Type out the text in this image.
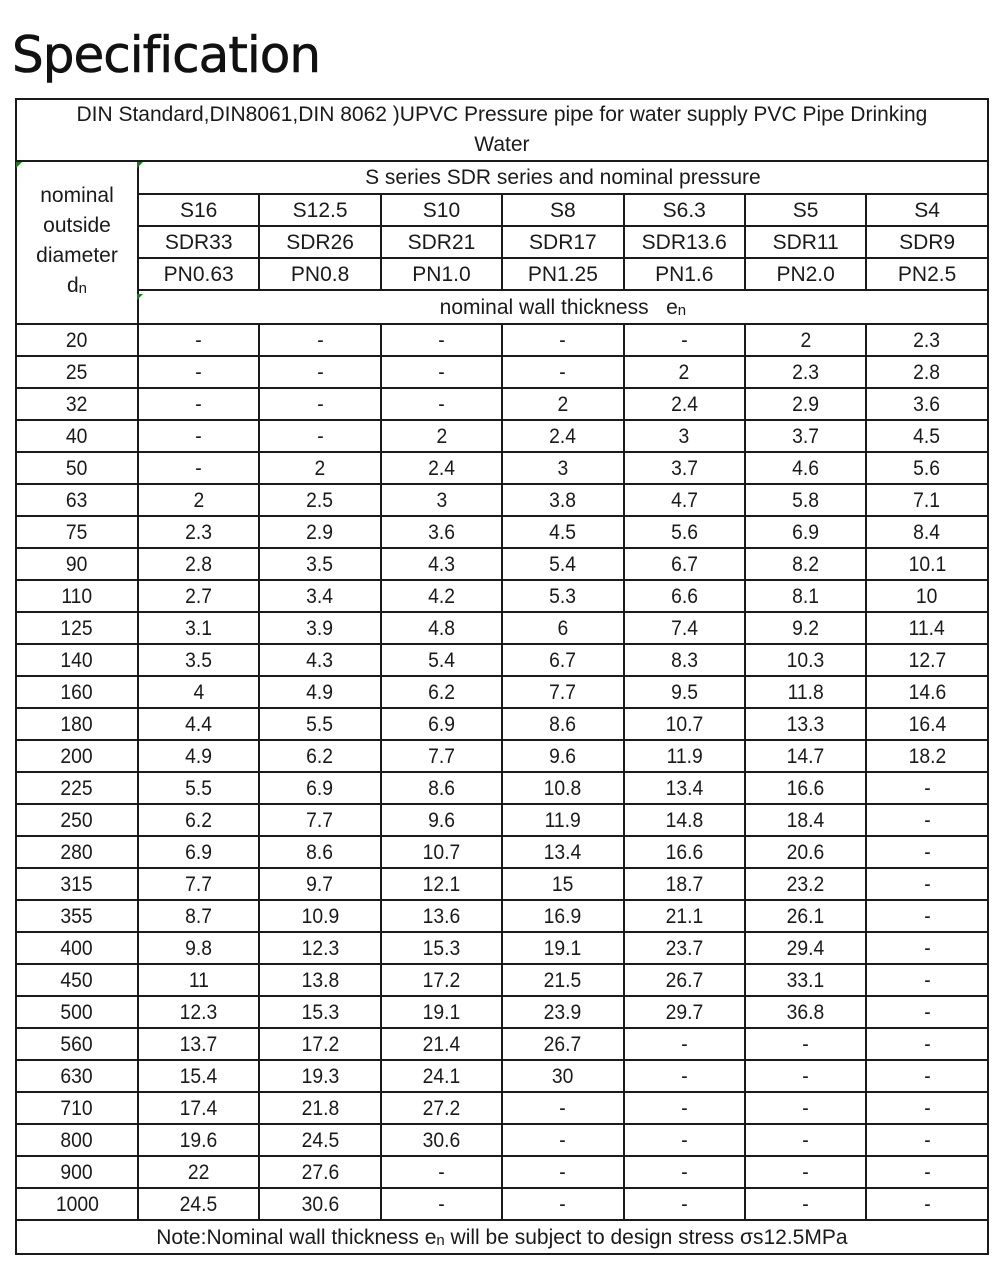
Specification
DIN Standard,DIN8061,DIN 8062 )UPVC Pressure pipe for water supply PVC Pipe Drinking Water							
nominal
outside
diameter
dn	S series SDR series and nominal pressure						
	S16	S12.5	S10	S8	S6.3	S5	S4
	SDR33	SDR26	SDR21	SDR17	SDR13.6	SDR11	SDR9
	PN0.63	PN0.8	PN1.0	PN1.25	PN1.6	PN2.0	PN2.5
	nominal wall thickness en						
20	-	-	-	-	-	2	2.3
25	-	-	-	-	2	2.3	2.8
32	-	-	-	2	2.4	2.9	3.6
40	-	-	2	2.4	3	3.7	4.5
50	-	2	2.4	3	3.7	4.6	5.6
63	2	2.5	3	3.8	4.7	5.8	7.1
75	2.3	2.9	3.6	4.5	5.6	6.9	8.4
90	2.8	3.5	4.3	5.4	6.7	8.2	10.1
110	2.7	3.4	4.2	5.3	6.6	8.1	10
125	3.1	3.9	4.8	6	7.4	9.2	11.4
140	3.5	4.3	5.4	6.7	8.3	10.3	12.7
160	4	4.9	6.2	7.7	9.5	11.8	14.6
180	4.4	5.5	6.9	8.6	10.7	13.3	16.4
200	4.9	6.2	7.7	9.6	11.9	14.7	18.2
225	5.5	6.9	8.6	10.8	13.4	16.6	-
250	6.2	7.7	9.6	11.9	14.8	18.4	-
280	6.9	8.6	10.7	13.4	16.6	20.6	-
315	7.7	9.7	12.1	15	18.7	23.2	-
355	8.7	10.9	13.6	16.9	21.1	26.1	-
400	9.8	12.3	15.3	19.1	23.7	29.4	-
450	11	13.8	17.2	21.5	26.7	33.1	-
500	12.3	15.3	19.1	23.9	29.7	36.8	-
560	13.7	17.2	21.4	26.7	-	-	-
630	15.4	19.3	24.1	30	-	-	-
710	17.4	21.8	27.2	-	-	-	-
800	19.6	24.5	30.6	-	-	-	-
900	22	27.6	-	-	-	-	-
1000	24.5	30.6	-	-	-	-	-
Note:Nominal wall thickness en will be subject to design stress σs12.5MPa							
